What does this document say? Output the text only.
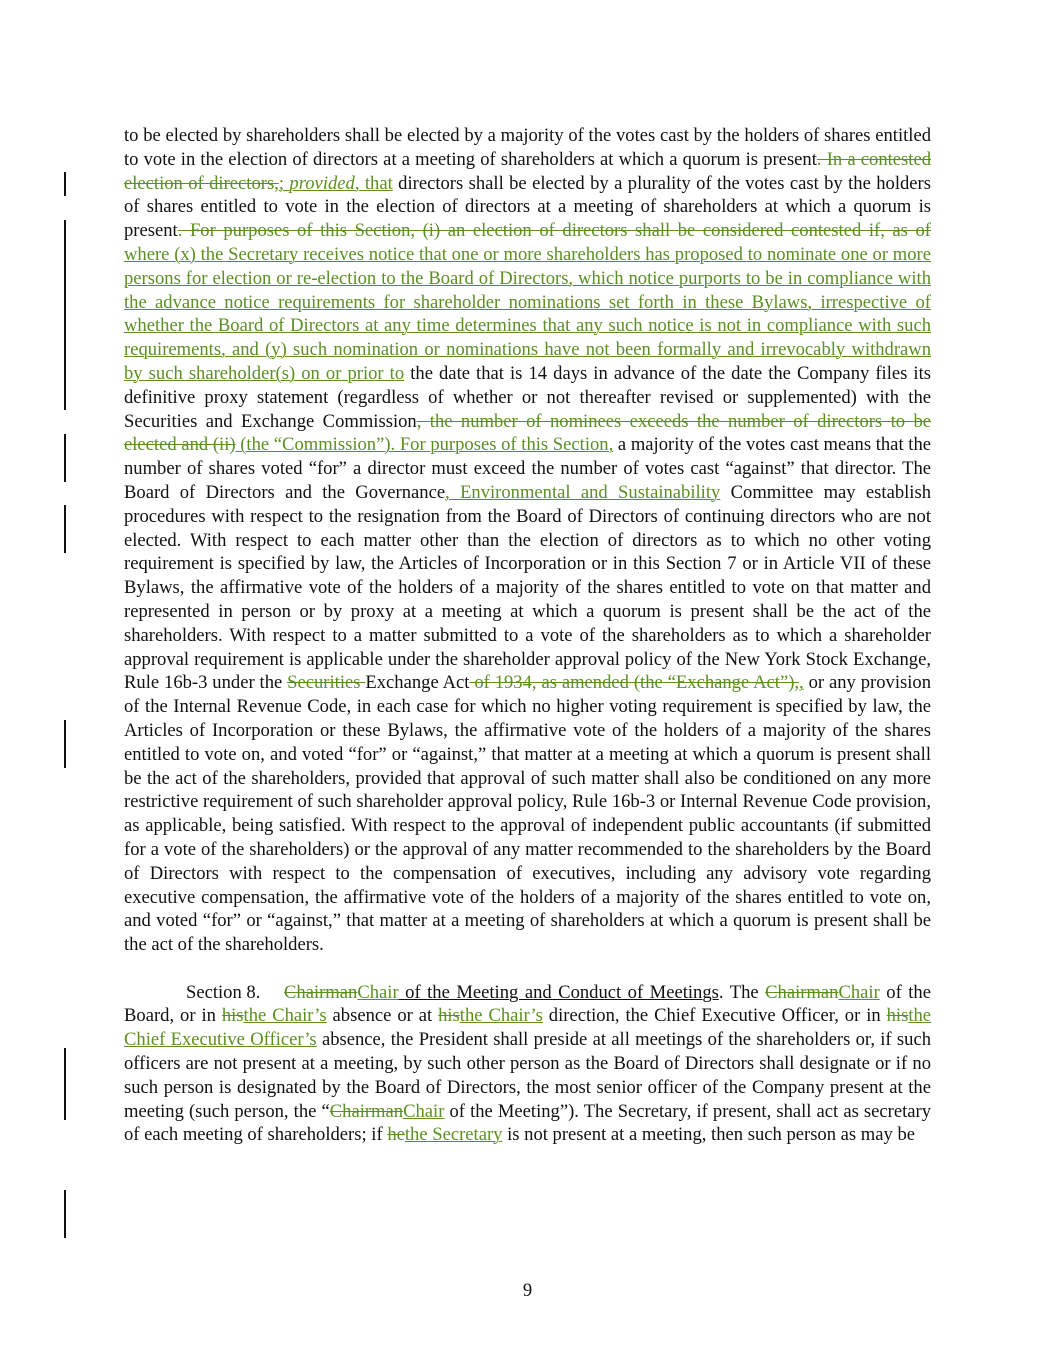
to be elected by shareholders shall be elected by a majority of the votes cast by the holders of shares entitled to vote in the election of directors at a meeting of shareholders at which a quorum is present. In a contested election of directors,; provided, that directors shall be elected by a plurality of the votes cast by the holders of shares entitled to vote in the election of directors at a meeting of shareholders at which a quorum is present. For purposes of this Section, (i) an election of directors shall be considered contested if, as of where (x) the Secretary receives notice that one or more shareholders has proposed to nominate one or more persons for election or re-election to the Board of Directors, which notice purports to be in compliance with the advance notice requirements for shareholder nominations set forth in these Bylaws, irrespective of whether the Board of Directors at any time determines that any such notice is not in compliance with such requirements, and (y) such nomination or nominations have not been formally and irrevocably withdrawn by such shareholder(s) on or prior to the date that is 14 days in advance of the date the Company files its definitive proxy statement (regardless of whether or not thereafter revised or supplemented) with the Securities and Exchange Commission, the number of nominees exceeds the number of directors to be elected and (ii) (the “Commission”). For purposes of this Section, a majority of the votes cast means that the number of shares voted “for” a director must exceed the number of votes cast “against” that director. The Board of Directors and the Governance, Environmental and Sustainability Committee may establish procedures with respect to the resignation from the Board of Directors of continuing directors who are not elected. With respect to each matter other than the election of directors as to which no other voting requirement is specified by law, the Articles of Incorporation or in this Section 7 or in Article VII of these Bylaws, the affirmative vote of the holders of a majority of the shares entitled to vote on that matter and represented in person or by proxy at a meeting at which a quorum is present shall be the act of the shareholders. With respect to a matter submitted to a vote of the shareholders as to which a shareholder approval requirement is applicable under the shareholder approval policy of the New York Stock Exchange, Rule 16b-3 under the Securities Exchange Act of 1934, as amended (the “Exchange Act”),, or any provision of the Internal Revenue Code, in each case for which no higher voting requirement is specified by law, the Articles of Incorporation or these Bylaws, the affirmative vote of the holders of a majority of the shares entitled to vote on, and voted “for” or “against,” that matter at a meeting at which a quorum is present shall be the act of the shareholders, provided that approval of such matter shall also be conditioned on any more restrictive requirement of such shareholder approval policy, Rule 16b-3 or Internal Revenue Code provision, as applicable, being satisfied. With respect to the approval of independent public accountants (if submitted for a vote of the shareholders) or the approval of any matter recommended to the shareholders by the Board of Directors with respect to the compensation of executives, including any advisory vote regarding executive compensation, the affirmative vote of the holders of a majority of the shares entitled to vote on, and voted “for” or “against,” that matter at a meeting of shareholders at which a quorum is present shall be the act of the shareholders.

Section 8. ChairmanChair of the Meeting and Conduct of Meetings. The ChairmanChair of the Board, or in histhe Chair’s absence or at histhe Chair’s direction, the Chief Executive Officer, or in histhe Chief Executive Officer’s absence, the President shall preside at all meetings of the shareholders or, if such officers are not present at a meeting, by such other person as the Board of Directors shall designate or if no such person is designated by the Board of Directors, the most senior officer of the Company present at the meeting (such person, the “ChairmanChair of the Meeting”). The Secretary, if present, shall act as secretary of each meeting of shareholders; if hethe Secretary is not present at a meeting, then such person as may be

9
